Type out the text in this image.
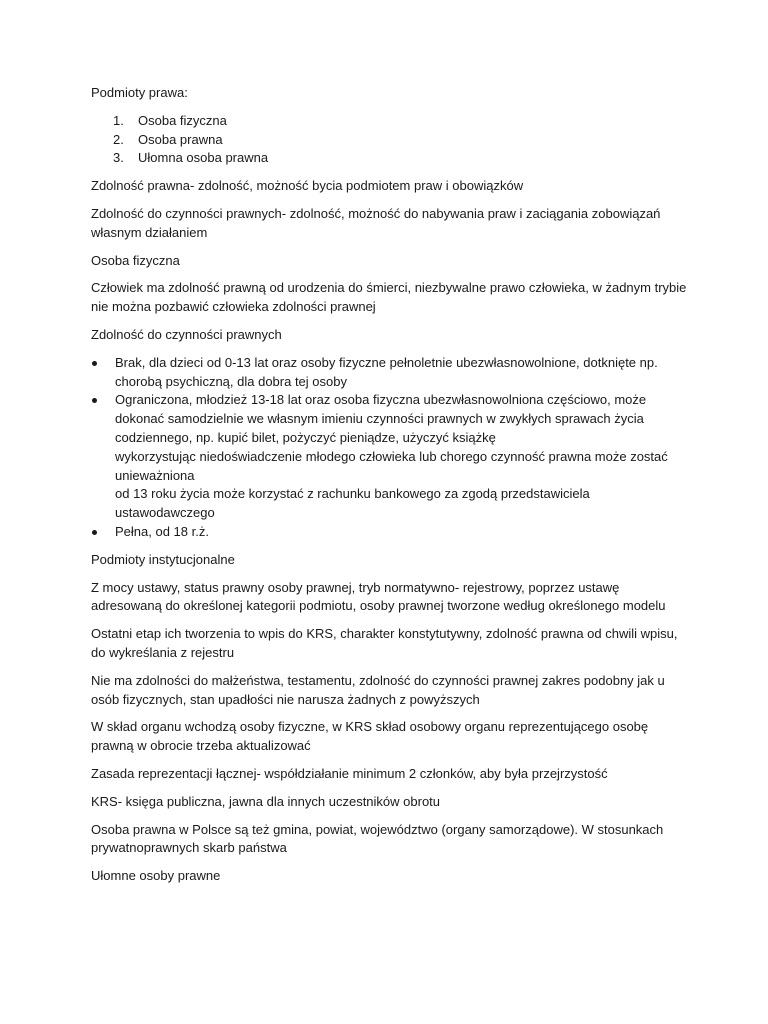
Podmioty prawa:

1. Osoba fizyczna
2. Osoba prawna
3. Ułomna osoba prawna

Zdolność prawna- zdolność, możność bycia podmiotem praw i obowiązków

Zdolność do czynności prawnych- zdolność, możność do nabywania praw i zaciągania zobowiązań własnym działaniem

Osoba fizyczna

Człowiek ma zdolność prawną od urodzenia do śmierci, niezbywalne prawo człowieka, w żadnym trybie nie można pozbawić człowieka zdolności prawnej

Zdolność do czynności prawnych

Brak, dla dzieci od 0-13 lat oraz osoby fizyczne pełnoletnie ubezwłasnowolnione, dotknięte np. chorobą psychiczną, dla dobra tej osoby
Ograniczona, młodzież 13-18 lat oraz osoba fizyczna ubezwłasnowolniona częściowo, może dokonać samodzielnie we własnym imieniu czynności prawnych w zwykłych sprawach życia codziennego, np. kupić bilet, pożyczyć pieniądze, użyczyć książkę
wykorzystując niedoświadczenie młodego człowieka lub chorego czynność prawna może zostać unieważniona
od 13 roku życia może korzystać z rachunku bankowego za zgodą przedstawiciela ustawodawczego
Pełna, od 18 r.ż.

Podmioty instytucjonalne

Z mocy ustawy, status prawny osoby prawnej, tryb normatywno- rejestrowy, poprzez ustawę adresowaną do określonej kategorii podmiotu, osoby prawnej tworzone według określonego modelu

Ostatni etap ich tworzenia to wpis do KRS, charakter konstytutywny, zdolność prawna od chwili wpisu, do wykreślania z rejestru

Nie ma zdolności do małżeństwa, testamentu, zdolność do czynności prawnej zakres podobny jak u osób fizycznych, stan upadłości nie narusza żadnych z powyższych

W skład organu wchodzą osoby fizyczne, w KRS skład osobowy organu reprezentującego osobę prawną w obrocie trzeba aktualizować

Zasada reprezentacji łącznej- współdziałanie minimum 2 członków, aby była przejrzystość

KRS- księga publiczna, jawna dla innych uczestników obrotu

Osoba prawna w Polsce są też gmina, powiat, województwo (organy samorządowe). W stosunkach prywatnoprawnych skarb państwa

Ułomne osoby prawne
